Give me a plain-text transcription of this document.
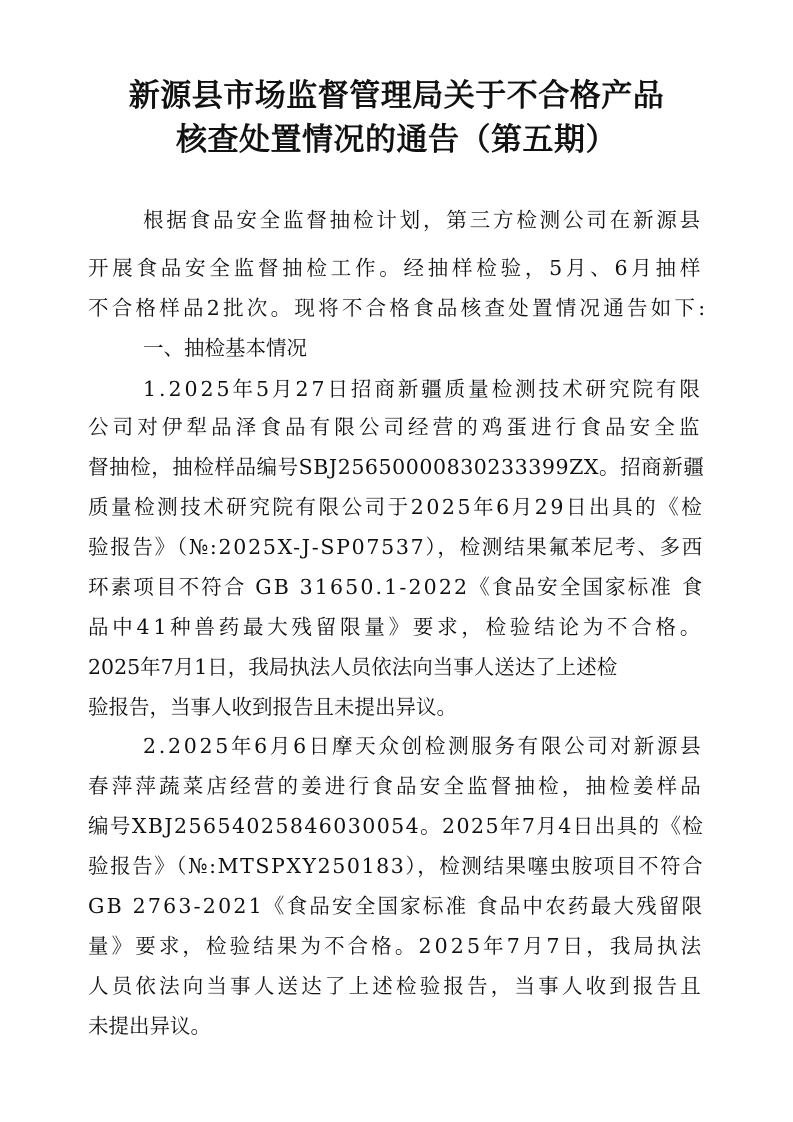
新源县市场监督管理局关于不合格产品
核查处置情况的通告（第五期）
根据食品安全监督抽检计划，第三方检测公司在新源县
开展食品安全监督抽检工作。经抽样检验，5月、6月抽样
不合格样品2批次。现将不合格食品核查处置情况通告如下:
一、抽检基本情况
1.2025年5月27日招商新疆质量检测技术研究院有限
公司对伊犁品泽食品有限公司经营的鸡蛋进行食品安全监
督抽检，抽检样品编号SBJ25650000830233399ZX。招商新疆
质量检测技术研究院有限公司于2025年6月29日出具的《检
验报告》（№:2025X-J-SP07537），检测结果氟苯尼考、多西
环素项目不符合 GB 31650.1-2022《食品安全国家标准 食
品中41种兽药最大残留限量》要求，检验结论为不合格。
2025年7月1日，我局执法人员依法向当事人送达了上述检
验报告，当事人收到报告且未提出异议。
2.2025年6月6日摩天众创检测服务有限公司对新源县
春萍萍蔬菜店经营的姜进行食品安全监督抽检，抽检姜样品
编号XBJ25654025846030054。2025年7月4日出具的《检
验报告》（№:MTSPXY250183），检测结果噻虫胺项目不符合
GB 2763-2021《食品安全国家标准 食品中农药最大残留限
量》要求，检验结果为不合格。2025年7月7日，我局执法
人员依法向当事人送达了上述检验报告，当事人收到报告且
未提出异议。
